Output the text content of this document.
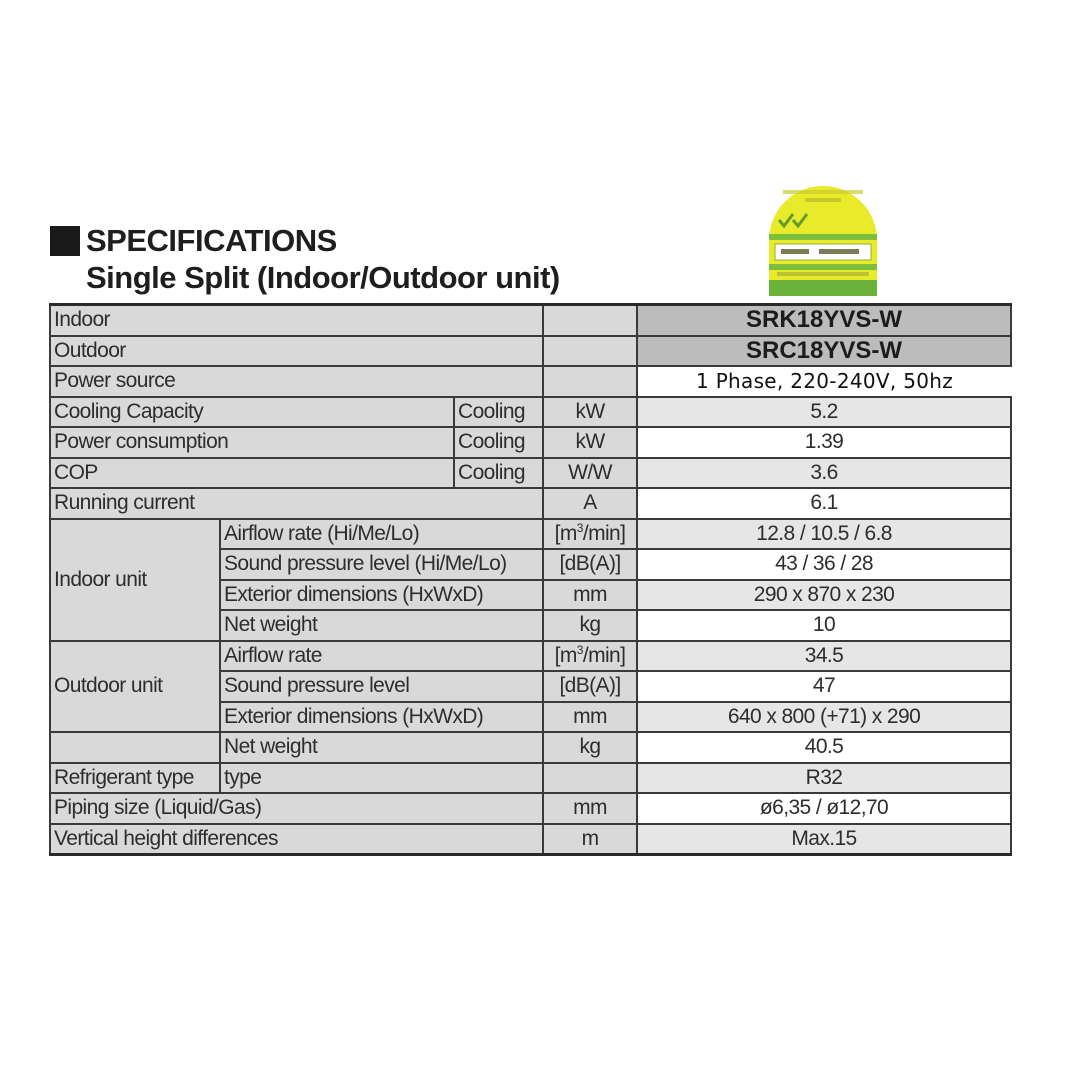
SPECIFICATIONS
Single Split (Indoor/Outdoor unit)
Indoor				SRK18YVS-W
Outdoor				SRC18YVS-W
Power source				1 Phase, 220-240V, 50hz
Cooling Capacity		Cooling	kW	5.2
Power consumption		Cooling	kW	1.39
COP		Cooling	W/W	3.6
Running current			A	6.1
Indoor unit	Airflow rate (Hi/Me/Lo)		$[m^3/\min]$	12.8 / 10.5 / 6.8
	Sound pressure level (Hi/Me/Lo)		[dB(A)]	43 / 36 / 28
	Exterior dimensions (HxWxD)		mm	290 x 870 x 230
	Net weight		kg	10
Outdoor unit	Airflow rate		$[m^3/\min]$	34.5
	Sound pressure level		[dB(A)]	47
	Exterior dimensions (HxWxD)		mm	640 x 800 (+71) x 290
	Net weight		kg	40.5
Refrigerant type	type			R32
Piping size (Liquid/Gas)			mm	ø6,35 / ø12,70
Vertical height differences			m	Max.15
